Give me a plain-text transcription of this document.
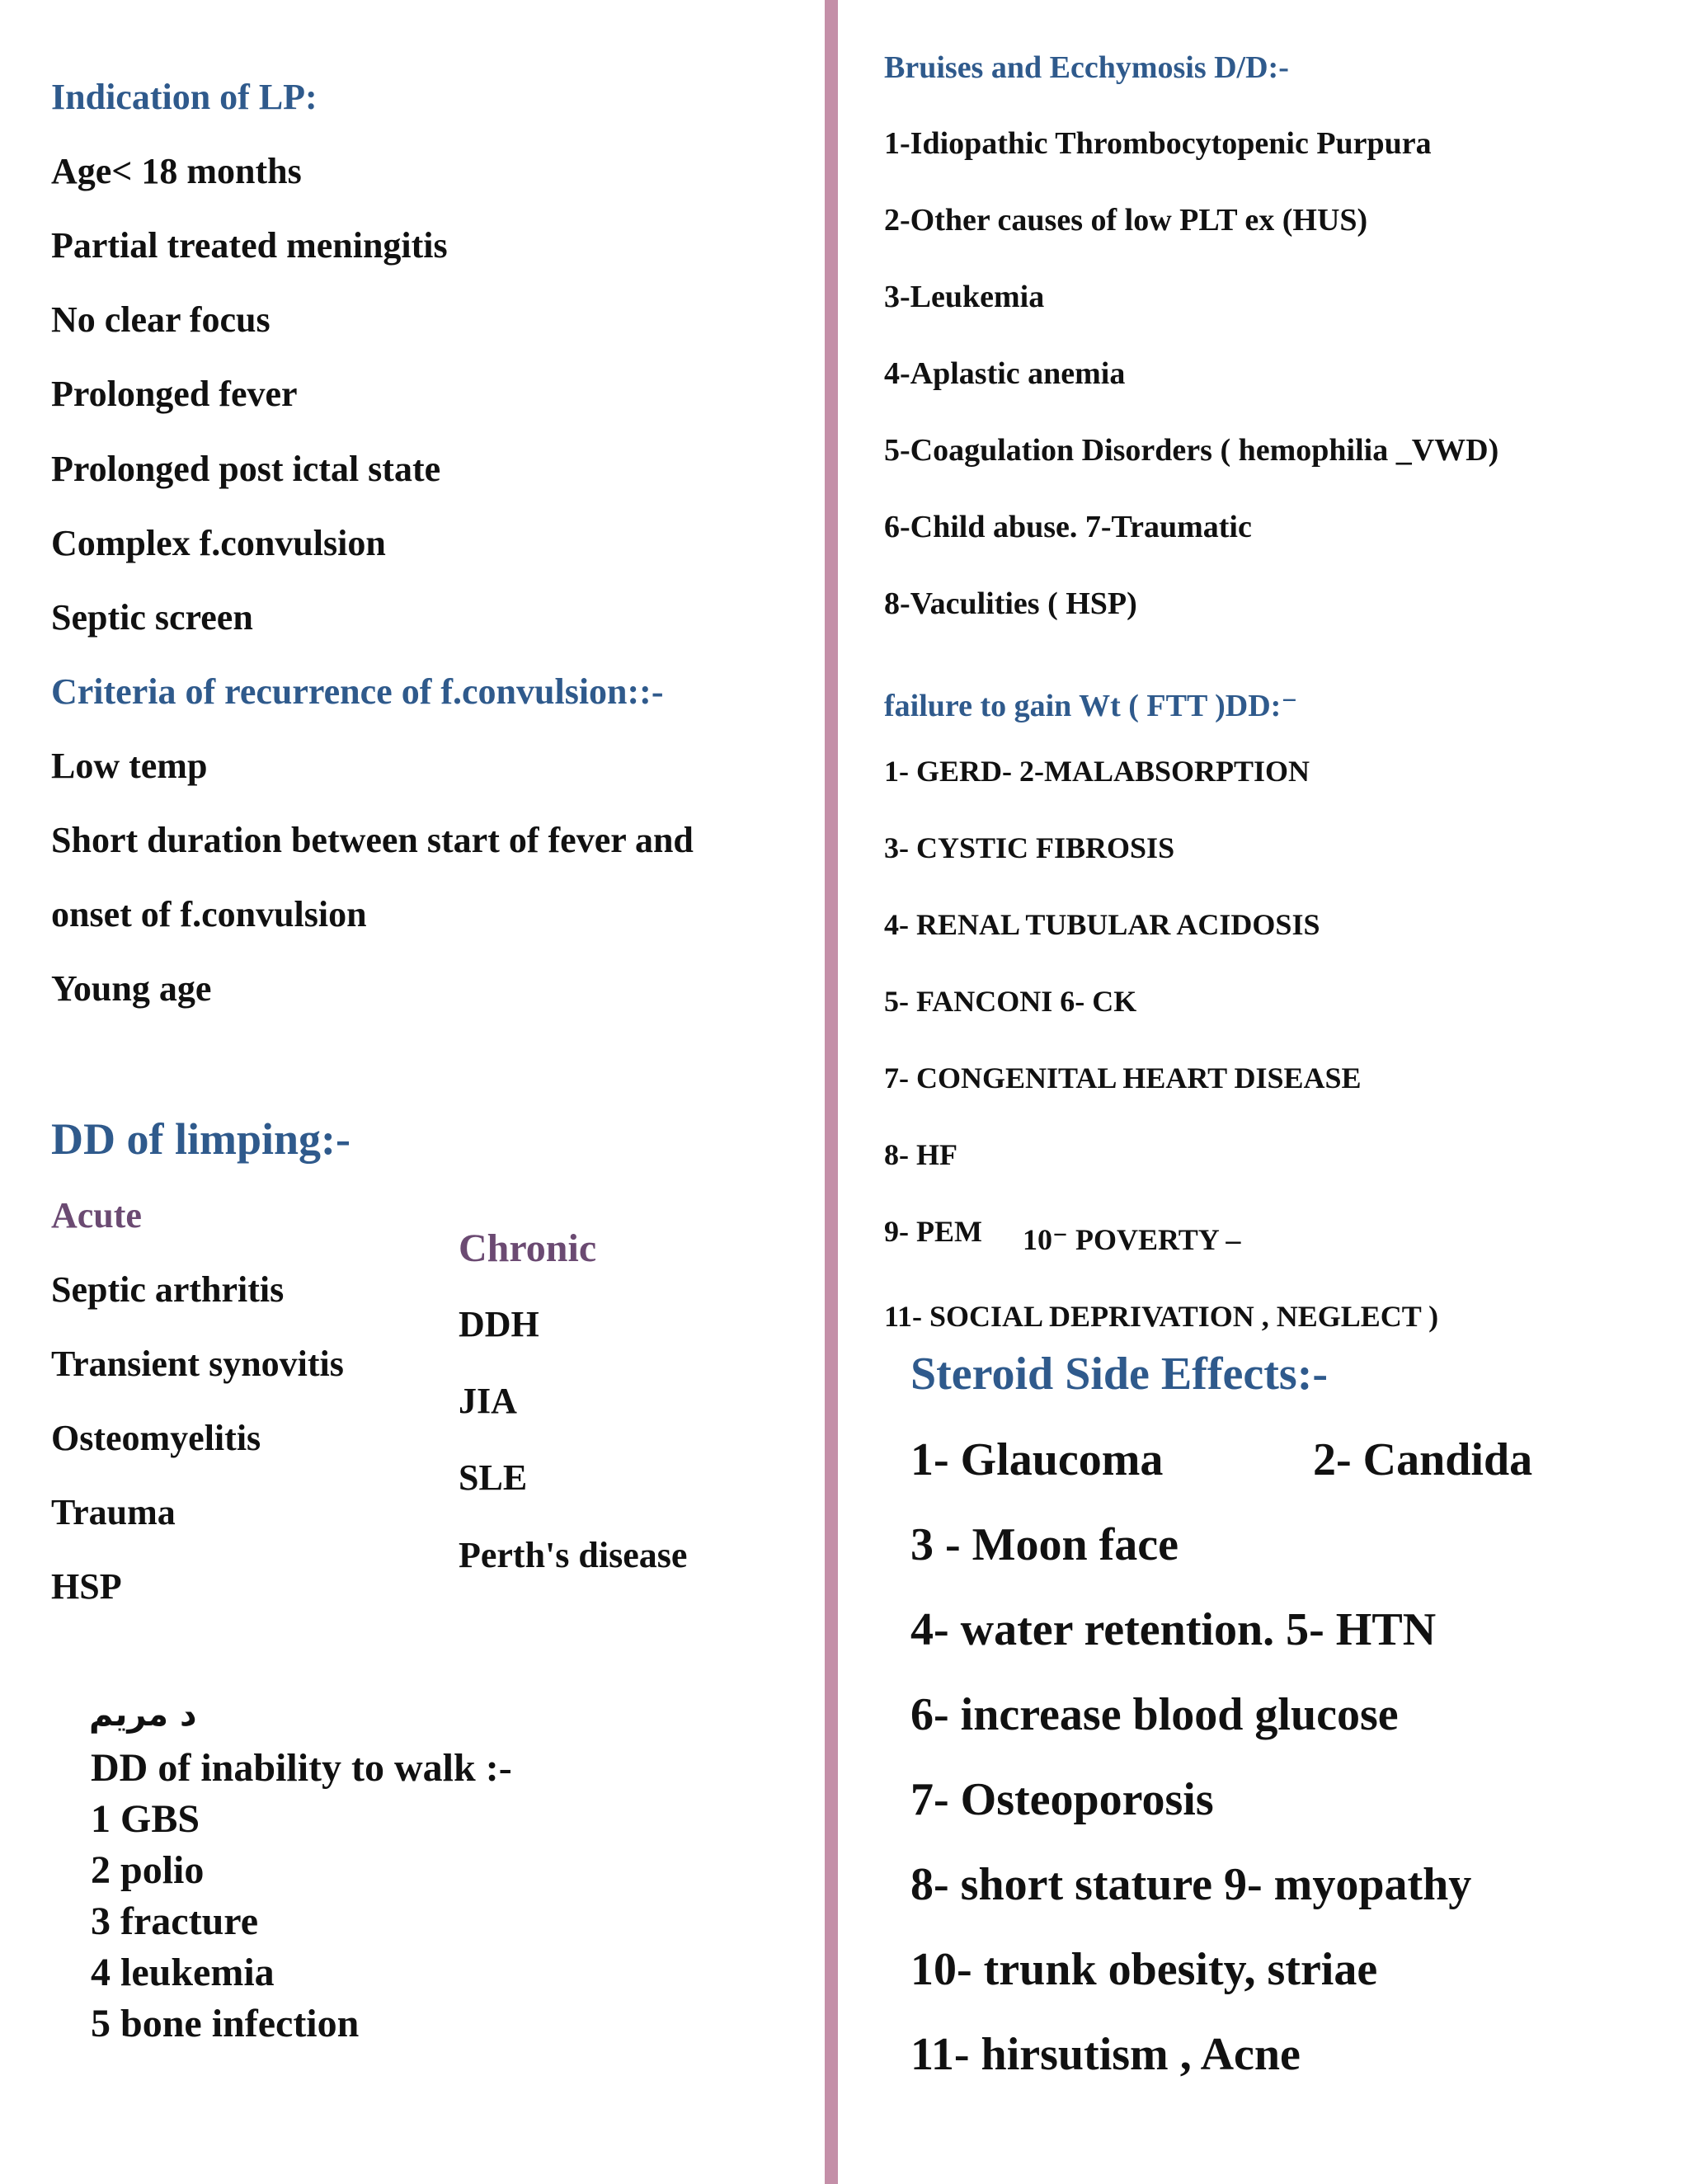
Indication of LP:

Age< 18 months

Partial treated meningitis

No clear focus

Prolonged fever

Prolonged post ictal state

Complex f.convulsion

Septic screen

Criteria of recurrence of f.convulsion::-

Low temp

Short duration between start of fever and

onset of f.convulsion

Young age

DD of limping:-

Acute

Septic arthritis

Transient synovitis

Osteomyelitis

Trauma

HSP

Chronic

DDH

JIA

SLE

Perth's disease

د مريم

DD of inability to walk :-

1 GBS

2 polio

3 fracture

4 leukemia

5 bone infection

Bruises and Ecchymosis D/D:-

1-Idiopathic Thrombocytopenic Purpura

2-Other causes of low PLT ex (HUS)

3-Leukemia

4-Aplastic anemia

5-Coagulation Disorders ( hemophilia _VWD)

6-Child abuse. 7-Traumatic

8-Vaculities ( HSP)

failure to gain Wt ( FTT )DD:⁻

1- GERD- 2-MALABSORPTION

3- CYSTIC FIBROSIS

4- RENAL TUBULAR ACIDOSIS

5- FANCONI 6- CK

7- CONGENITAL HEART DISEASE

8- HF

9- PEM 10⁻ POVERTY –

11- SOCIAL DEPRIVATION , NEGLECT )

Steroid Side Effects:-

1- Glaucoma	2- Candida

3 - Moon face

4- water retention. 5- HTN

6- increase blood glucose

7- Osteoporosis

8- short stature 9- myopathy

10- trunk obesity, striae

11- hirsutism , Acne
